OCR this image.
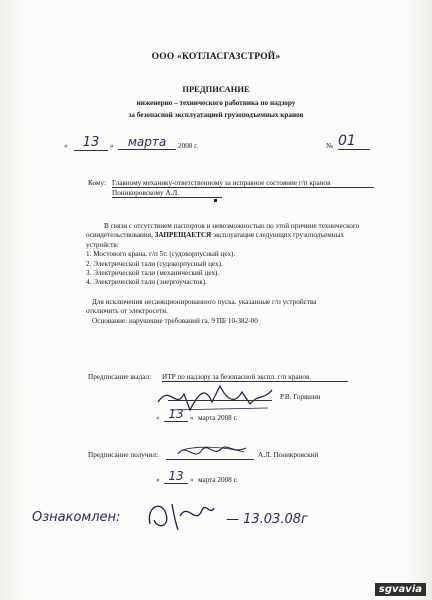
ООО «КОТЛАСГАЗСТРОЙ»
ПРЕДПИСАНИЕ
инженерно – технического работника по надзору
за безопасной эксплуатацией грузоподъемных кранов
«	13	»	марта	2008 г.	№ 01
Кому: Главному механику-ответственному за исправное состояние г/п кранов
Поникоровскому А.Л.
В связи с отсутствием паспортов и невозможностью по этой причине технического
освидетельствования, ЗАПРЕЩАЕТСЯ эксплуатация следующих грузоподъемных
устройств:
1. Мостового крана. г/п 5т. (судокорпусный цех).
2. Электрической тали (судокорпусный цех).
3. Электрической тали (механический цех).
4. Электрической тали (энергоучасток).
Для исключения несанкционированного пуска. указанные г/п устройства
отключить от электросети.
Основание: нарушение требований га. 9 ПБ 10-382-00
Предписание выдал: ИТР по надзору за безопасной экспл. г/п кранов
Р.В. Горяшин
« 13 » марта 2008 г.
Предписание получил:	А.Л. Поникровский
« 13 » марта 2008 г.
Ознакомлен:	— 13.03.08г
sgvavia
